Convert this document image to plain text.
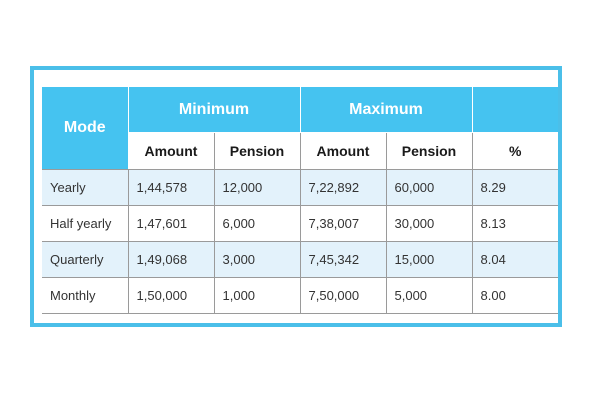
Mode	Minimum		Maximum		
	Amount	Pension	Amount	Pension	%
Yearly	1,44,578	12,000	7,22,892	60,000	8.29
Half yearly	1,47,601	6,000	7,38,007	30,000	8.13
Quarterly	1,49,068	3,000	7,45,342	15,000	8.04
Monthly	1,50,000	1,000	7,50,000	5,000	8.00
